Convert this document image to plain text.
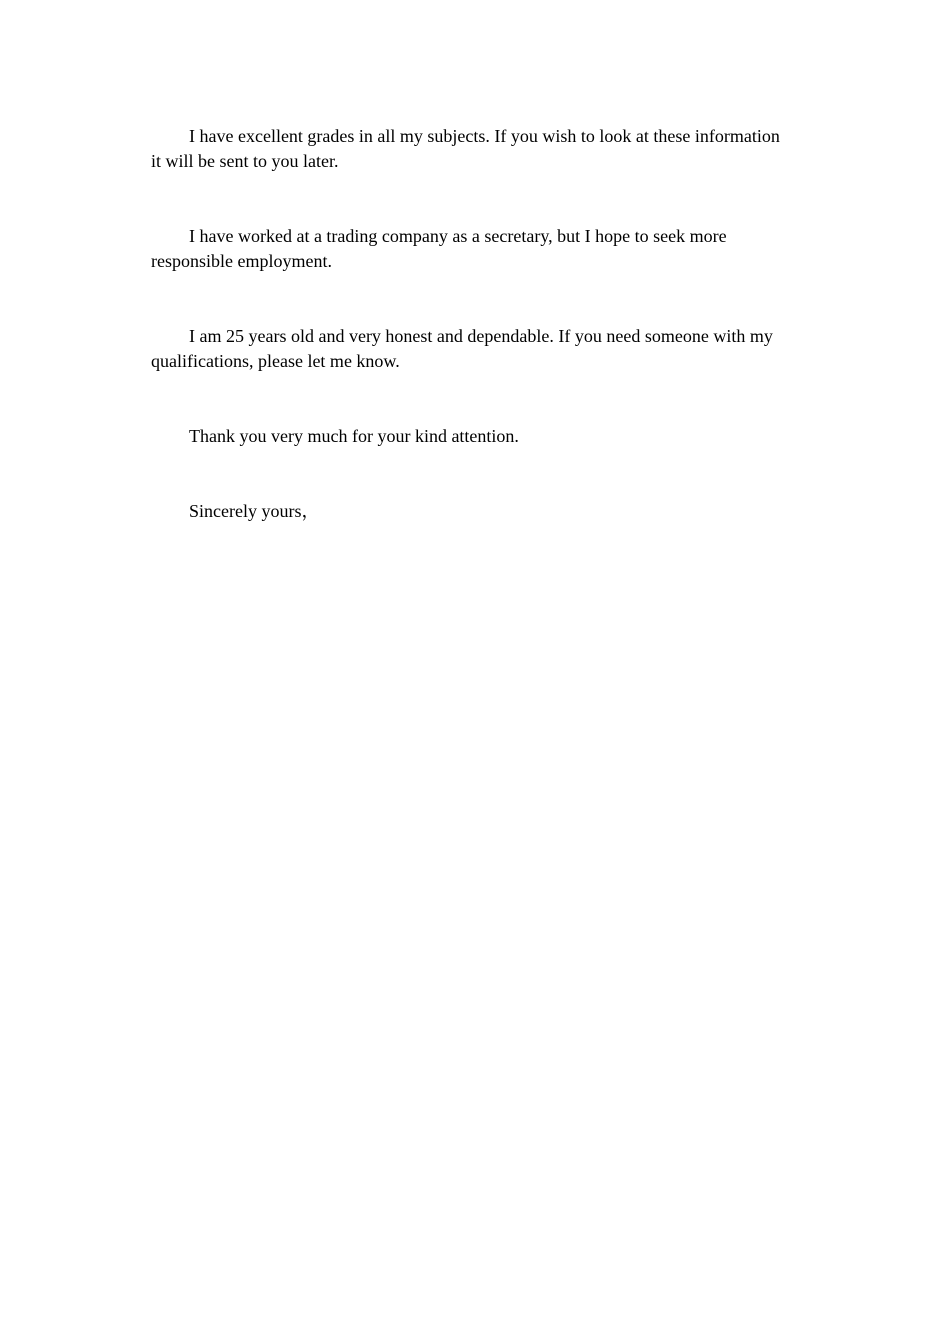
I have excellent grades in all my subjects. If you wish to look at these information it will be sent to you later.

I have worked at a trading company as a secretary, but I hope to seek more responsible employment.

I am 25 years old and very honest and dependable. If you need someone with my qualifications, please let me know.

Thank you very much for your kind attention.

Sincerely yours，
